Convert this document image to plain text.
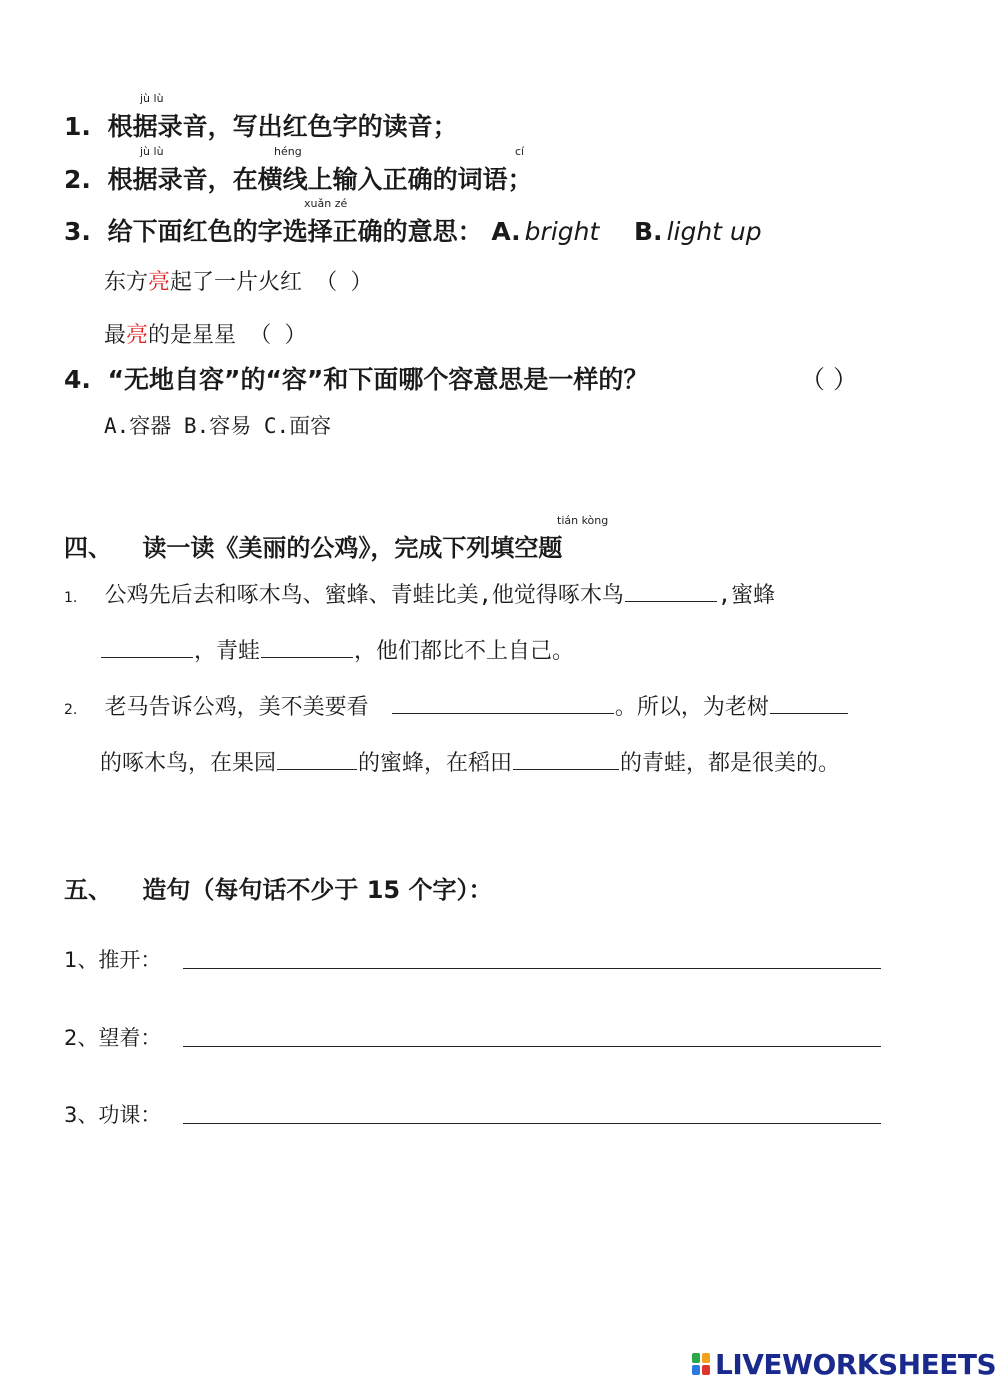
jù lù
1. 根据录音，写出红色字的读音；
jù lù	héng	cí
2. 根据录音，在横线上输入正确的词语；
xuǎn zé
3. 给下面红色的字选择正确的意思： A. bright B. light up
东方亮起了一片火红 （ ）
最亮的是星星 （ ）
4. “无地自容”的“容”和下面哪个容意思是一样的？	（ ）
A.容器 B.容易 C.面容
tián kòng
四、 读一读《美丽的公鸡》，完成下列填空题
1. 公鸡先后去和啄木鸟、蜜蜂、青蛙比美,他觉得啄木鸟	,蜜蜂
，青蛙	，他们都比不上自己。
2. 老马告诉公鸡，美不美要看	。所以，为老树
的啄木鸟，在果园	的蜜蜂，在稻田	的青蛙，都是很美的。
五、 造句（每句话不少于 15 个字）：
1、推开：
2、望着：
3、功课：
LIVEWORKSHEETS
